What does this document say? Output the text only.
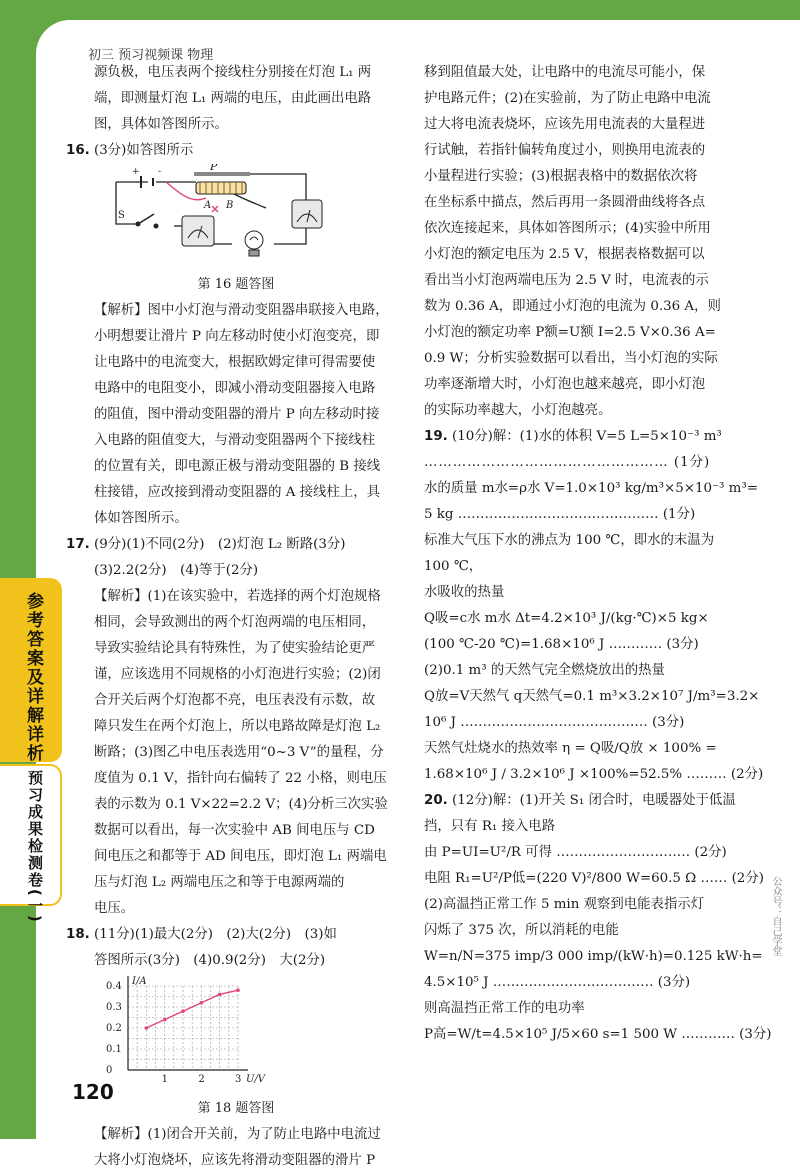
初三 预习视频课 物理
参考答案及详解详析
预习成果检测卷(一)	公众号：自己学堂
120
源负极，电压表两个接线柱分别接在灯泡 L₁ 两
端，即测量灯泡 L₁ 两端的电压，由此画出电路
图，具体如答图所示。
16. (3分)如答图所示
+ -	P
A B
S
第 16 题答图
【解析】图中小灯泡与滑动变阻器串联接入电路，
小明想要让滑片 P 向左移动时使小灯泡变亮，即
让电路中的电流变大，根据欧姆定律可得需要使
电路中的电阻变小，即减小滑动变阻器接入电路
的阻值，图中滑动变阻器的滑片 P 向左移动时接
入电路的阻值变大，与滑动变阻器两个下接线柱
的位置有关，即电源正极与滑动变阻器的 B 接线
柱接错，应改接到滑动变阻器的 A 接线柱上，具
体如答图所示。
17. (9分)(1)不同(2分)　(2)灯泡 L₂ 断路(3分)
(3)2.2(2分)　(4)等于(2分)
【解析】(1)在该实验中，若选择的两个灯泡规格
相同，会导致测出的两个灯泡两端的电压相同，
导致实验结论具有特殊性，为了使实验结论更严
谨，应该选用不同规格的小灯泡进行实验；(2)闭
合开关后两个灯泡都不亮，电压表没有示数，故
障只发生在两个灯泡上，所以电路故障是灯泡 L₂
断路；(3)图乙中电压表选用“0~3 V”的量程，分
度值为 0.1 V，指针向右偏转了 22 小格，则电压
表的示数为 0.1 V×22=2.2 V；(4)分析三次实验
数据可以看出，每一次实验中 AB 间电压与 CD
间电压之和都等于 AD 间电压，即灯泡 L₁ 两端电
压与灯泡 L₂ 两端电压之和等于电源两端的
电压。
18. (11分)(1)最大(2分)　(2)大(2分)　(3)如
答图所示(3分)　(4)0.9(2分)　大(2分)
1	2	3
0
0.1
0.2
0.3
0.4
U/V
I/A
第 18 题答图
【解析】(1)闭合开关前，为了防止电路中电流过
大将小灯泡烧坏，应该先将滑动变阻器的滑片 P
移到阻值最大处，让电路中的电流尽可能小，保
护电路元件；(2)在实验前，为了防止电路中电流
过大将电流表烧坏，应该先用电流表的大量程进
行试触，若指针偏转角度过小，则换用电流表的
小量程进行实验；(3)根据表格中的数据依次将
在坐标系中描点，然后再用一条圆滑曲线将各点
依次连接起来，具体如答图所示；(4)实验中所用
小灯泡的额定电压为 2.5 V，根据表格数据可以
看出当小灯泡两端电压为 2.5 V 时，电流表的示
数为 0.36 A，即通过小灯泡的电流为 0.36 A，则
小灯泡的额定功率 P额=U额 I=2.5 V×0.36 A=
0.9 W；分析实验数据可以看出，当小灯泡的实际
功率逐渐增大时，小灯泡也越来越亮，即小灯泡
的实际功率越大，小灯泡越亮。
19. (10分)解：(1)水的体积 V=5 L=5×10⁻³ m³
…………………………………………… (1分)
水的质量 m水=ρ水 V=1.0×10³ kg/m³×5×10⁻³ m³=
5 kg ……………………………………… (1分)
标准大气压下水的沸点为 100 ℃，即水的末温为
100 ℃，
水吸收的热量
Q吸=c水 m水 Δt=4.2×10³ J/(kg·℃)×5 kg×
(100 ℃-20 ℃)=1.68×10⁶ J ………… (3分)
(2)0.1 m³ 的天然气完全燃烧放出的热量
Q放=V天然气 q天然气=0.1 m³×3.2×10⁷ J/m³=3.2×
10⁶ J …………………………………… (3分)
天然气灶烧水的热效率 η = Q吸/Q放 × 100% =
1.68×10⁶ J / 3.2×10⁶ J ×100%=52.5% ……… (2分)
20. (12分)解：(1)开关 S₁ 闭合时，电暖器处于低温
挡，只有 R₁ 接入电路
由 P=UI=U²/R 可得 ………………………… (2分)
电阻 R₁=U²/P低=(220 V)²/800 W=60.5 Ω …… (2分)
(2)高温挡正常工作 5 min 观察到电能表指示灯
闪烁了 375 次，所以消耗的电能
W=n/N=375 imp/3 000 imp/(kW·h)=0.125 kW·h=
4.5×10⁵ J ……………………………… (3分)
则高温挡正常工作的电功率
P高=W/t=4.5×10⁵ J/5×60 s=1 500 W ………… (3分)
